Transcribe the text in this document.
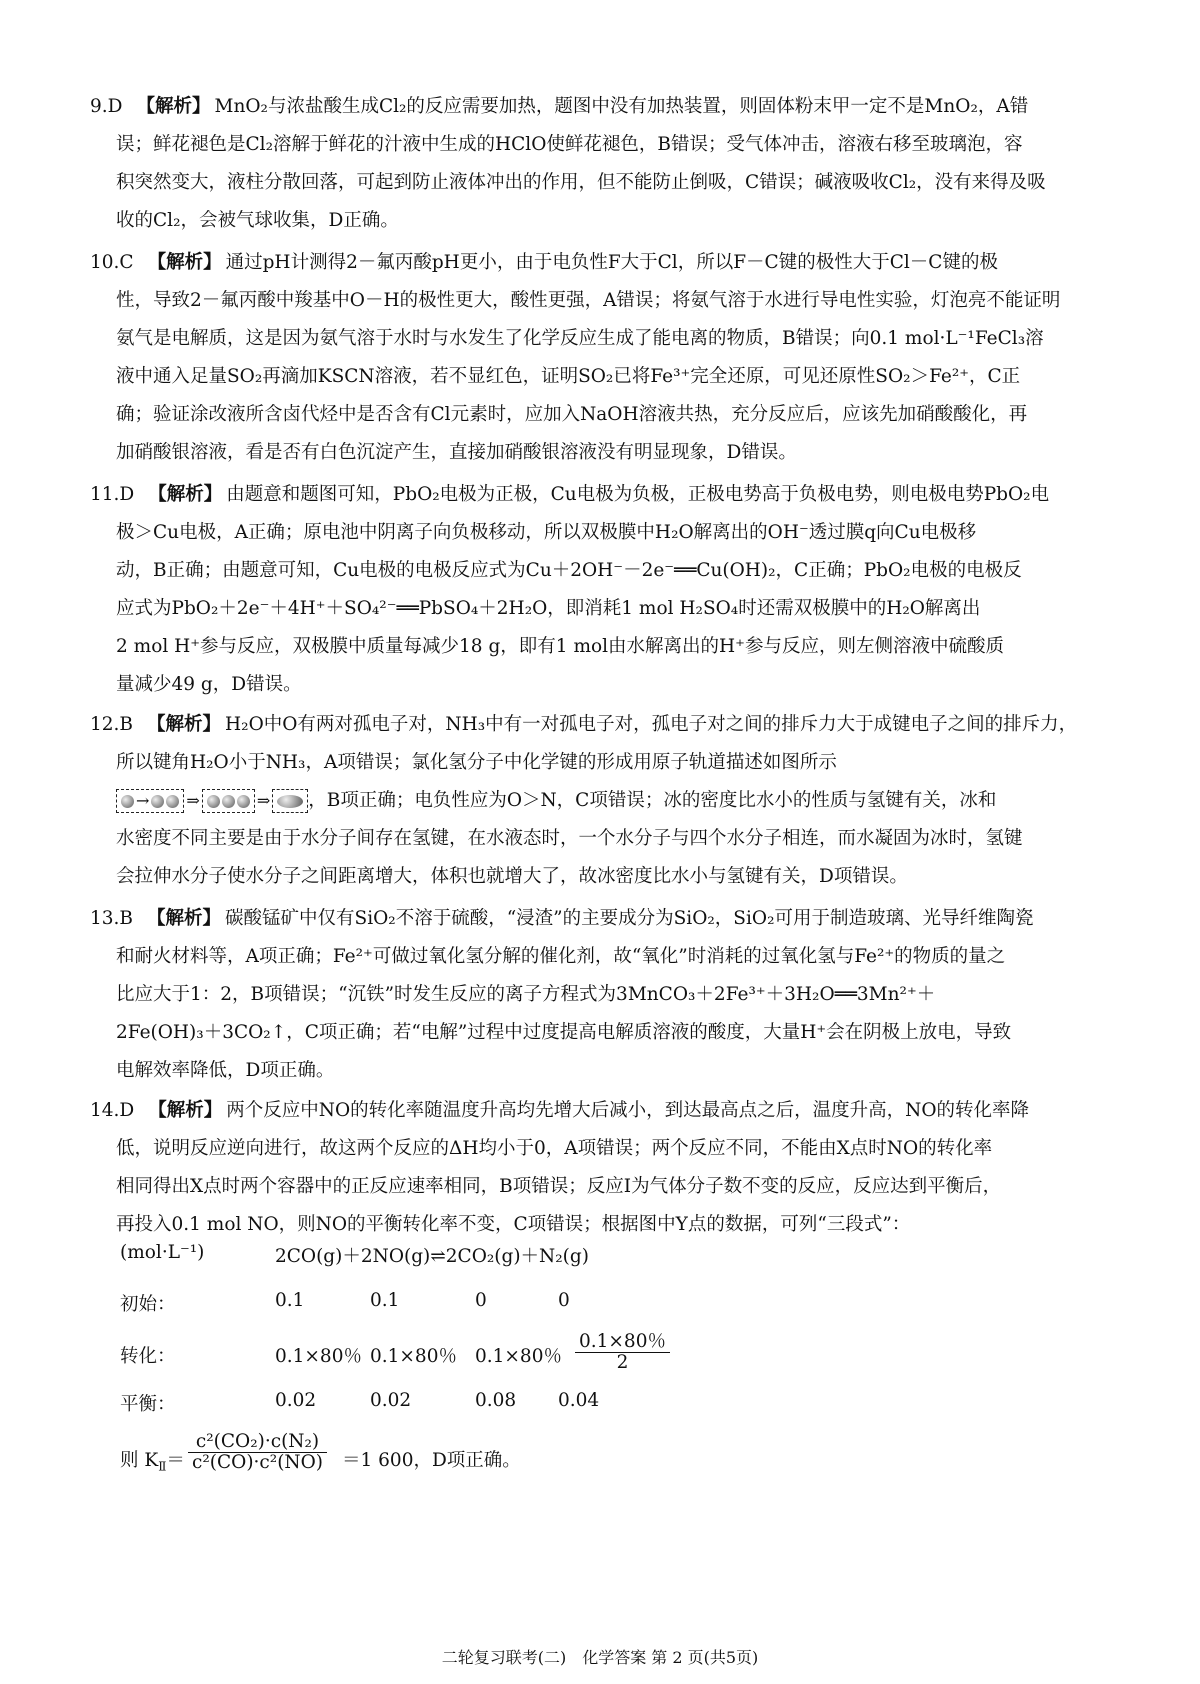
9.D 【解析】 MnO₂与浓盐酸生成Cl₂的反应需要加热，题图中没有加热装置，则固体粉末甲一定不是MnO₂，A错
误；鲜花褪色是Cl₂溶解于鲜花的汁液中生成的HClO使鲜花褪色，B错误；受气体冲击，溶液右移至玻璃泡，容
积突然变大，液柱分散回落，可起到防止液体冲出的作用，但不能防止倒吸，C错误；碱液吸收Cl₂，没有来得及吸
收的Cl₂，会被气球收集，D正确。
10.C 【解析】 通过pH计测得2－氟丙酸pH更小，由于电负性F大于Cl，所以F－C键的极性大于Cl－C键的极
性，导致2－氟丙酸中羧基中O－H的极性更大，酸性更强，A错误；将氨气溶于水进行导电性实验，灯泡亮不能证明
氨气是电解质，这是因为氨气溶于水时与水发生了化学反应生成了能电离的物质，B错误；向0.1 mol·L⁻¹FeCl₃溶
液中通入足量SO₂再滴加KSCN溶液，若不显红色，证明SO₂已将Fe³⁺完全还原，可见还原性SO₂＞Fe²⁺，C正
确；验证涂改液所含卤代烃中是否含有Cl元素时，应加入NaOH溶液共热，充分反应后，应该先加硝酸酸化，再
加硝酸银溶液，看是否有白色沉淀产生，直接加硝酸银溶液没有明显现象，D错误。
11.D 【解析】 由题意和题图可知，PbO₂电极为正极，Cu电极为负极，正极电势高于负极电势，则电极电势PbO₂电
极＞Cu电极，A正确；原电池中阴离子向负极移动，所以双极膜中H₂O解离出的OH⁻透过膜q向Cu电极移
动，B正确；由题意可知，Cu电极的电极反应式为Cu＋2OH⁻－2e⁻══Cu(OH)₂，C正确；PbO₂电极的电极反
应式为PbO₂＋2e⁻＋4H⁺＋SO₄²⁻══PbSO₄＋2H₂O，即消耗1 mol H₂SO₄时还需双极膜中的H₂O解离出
2 mol H⁺参与反应，双极膜中质量每减少18 g，即有1 mol由水解离出的H⁺参与反应，则左侧溶液中硫酸质
量减少49 g，D错误。
12.B 【解析】 H₂O中O有两对孤电子对，NH₃中有一对孤电子对，孤电子对之间的排斥力大于成键电子之间的排斥力，
所以键角H₂O小于NH₃，A项错误；氯化氢分子中化学键的形成用原子轨道描述如图所示
→ ⇒	⇒ ，B项正确；电负性应为O＞N，C项错误；冰的密度比水小的性质与氢键有关，冰和
水密度不同主要是由于水分子间存在氢键，在水液态时，一个水分子与四个水分子相连，而水凝固为冰时，氢键
会拉伸水分子使水分子之间距离增大，体积也就增大了，故冰密度比水小与氢键有关，D项错误。
13.B 【解析】 碳酸锰矿中仅有SiO₂不溶于硫酸，“浸渣”的主要成分为SiO₂，SiO₂可用于制造玻璃、光导纤维陶瓷
和耐火材料等，A项正确；Fe²⁺可做过氧化氢分解的催化剂，故“氧化”时消耗的过氧化氢与Fe²⁺的物质的量之
比应大于1：2，B项错误；“沉铁”时发生反应的离子方程式为3MnCO₃＋2Fe³⁺＋3H₂O══3Mn²⁺＋
2Fe(OH)₃＋3CO₂↑，C项正确；若“电解”过程中过度提高电解质溶液的酸度，大量H⁺会在阴极上放电，导致
电解效率降低，D项正确。
14.D 【解析】 两个反应中NO的转化率随温度升高均先增大后减小，到达最高点之后，温度升高，NO的转化率降
低，说明反应逆向进行，故这两个反应的ΔH均小于0，A项错误；两个反应不同，不能由X点时NO的转化率
相同得出X点时两个容器中的正反应速率相同，B项错误；反应Ⅰ为气体分子数不变的反应，反应达到平衡后，
再投入0.1 mol NO，则NO的平衡转化率不变，C项错误；根据图中Y点的数据，可列“三段式”：
(mol·L⁻¹)	2CO(g)＋2NO(g)⇌2CO₂(g)＋N₂(g)
初始：	0.1	0.1	0	0
转化：	0.1×80％ 0.1×80％ 0.1×80％ $\frac{0.1\times 80\%}{2}$
平衡：	0.02	0.02	0.08 0.04
则 $K_Ⅱ= \frac{\text{c²(CO₂)·c(N₂)}}{\text{c²(CO)·c²(NO)}} =1$ 600，D项正确。
二轮复习联考(二)　化学答案 第 2 页(共5页)
